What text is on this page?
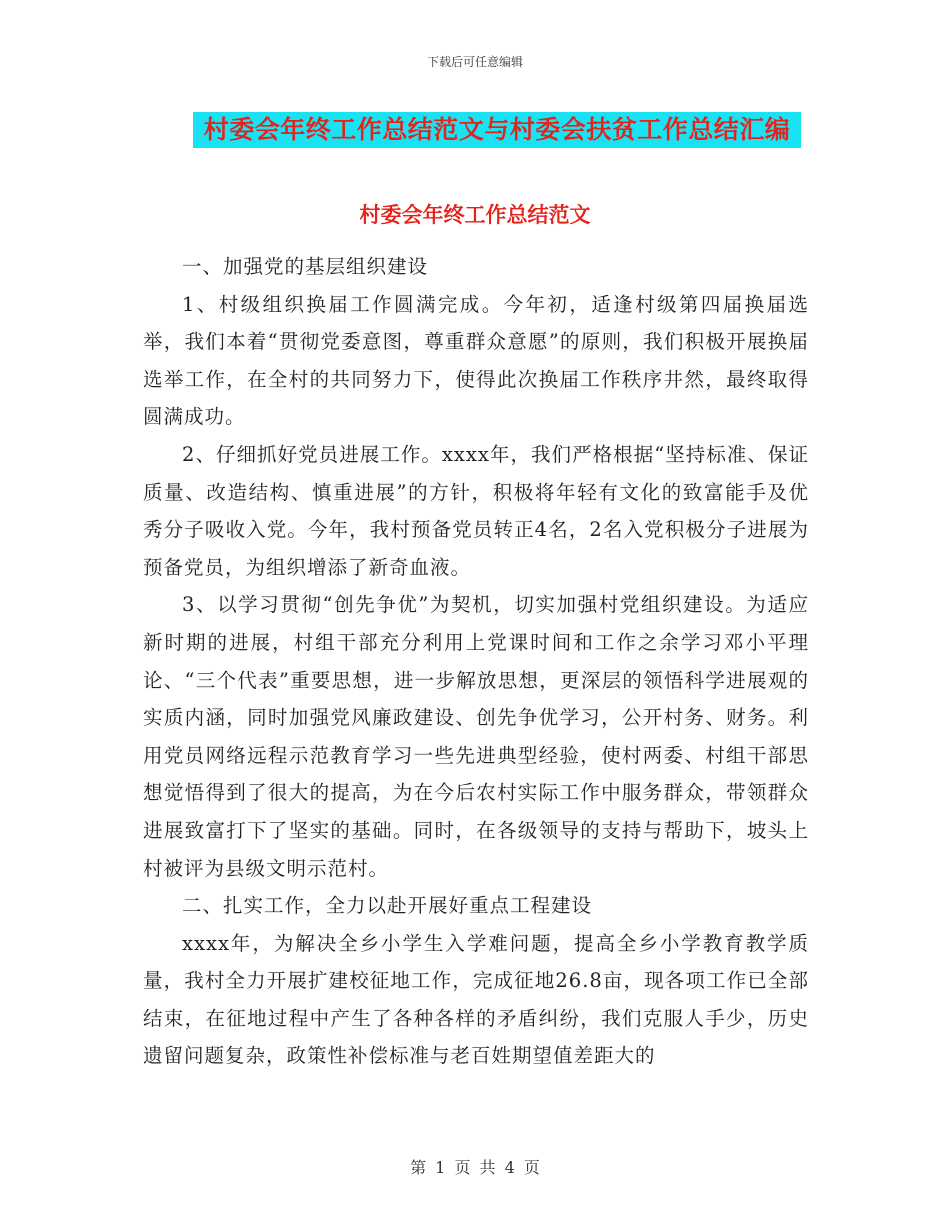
下载后可任意编辑
村委会年终工作总结范文与村委会扶贫工作总结汇编
村委会年终工作总结范文

一、加强党的基层组织建设

1、村级组织换届工作圆满完成。今年初，适逢村级第四届换届选举，我们本着“贯彻党委意图，尊重群众意愿”的原则，我们积极开展换届选举工作，在全村的共同努力下，使得此次换届工作秩序井然，最终取得圆满成功。

2、仔细抓好党员进展工作。xxxx年，我们严格根据“坚持标准、保证质量、改造结构、慎重进展”的方针，积极将年轻有文化的致富能手及优秀分子吸收入党。今年，我村预备党员转正4名，2名入党积极分子进展为预备党员，为组织增添了新奇血液。

3、以学习贯彻“创先争优”为契机，切实加强村党组织建设。为适应新时期的进展，村组干部充分利用上党课时间和工作之余学习邓小平理论、“三个代表”重要思想，进一步解放思想，更深层的领悟科学进展观的实质内涵，同时加强党风廉政建设、创先争优学习，公开村务、财务。利用党员网络远程示范教育学习一些先进典型经验，使村两委、村组干部思想觉悟得到了很大的提高，为在今后农村实际工作中服务群众，带领群众进展致富打下了坚实的基础。同时，在各级领导的支持与帮助下，坡头上村被评为县级文明示范村。

二、扎实工作，全力以赴开展好重点工程建设

xxxx年，为解决全乡小学生入学难问题，提高全乡小学教育教学质量，我村全力开展扩建校征地工作，完成征地26.8亩，现各项工作已全部结束，在征地过程中产生了各种各样的矛盾纠纷，我们克服人手少，历史遗留问题复杂，政策性补偿标准与老百姓期望值差距大的

第 1 页 共 4 页
